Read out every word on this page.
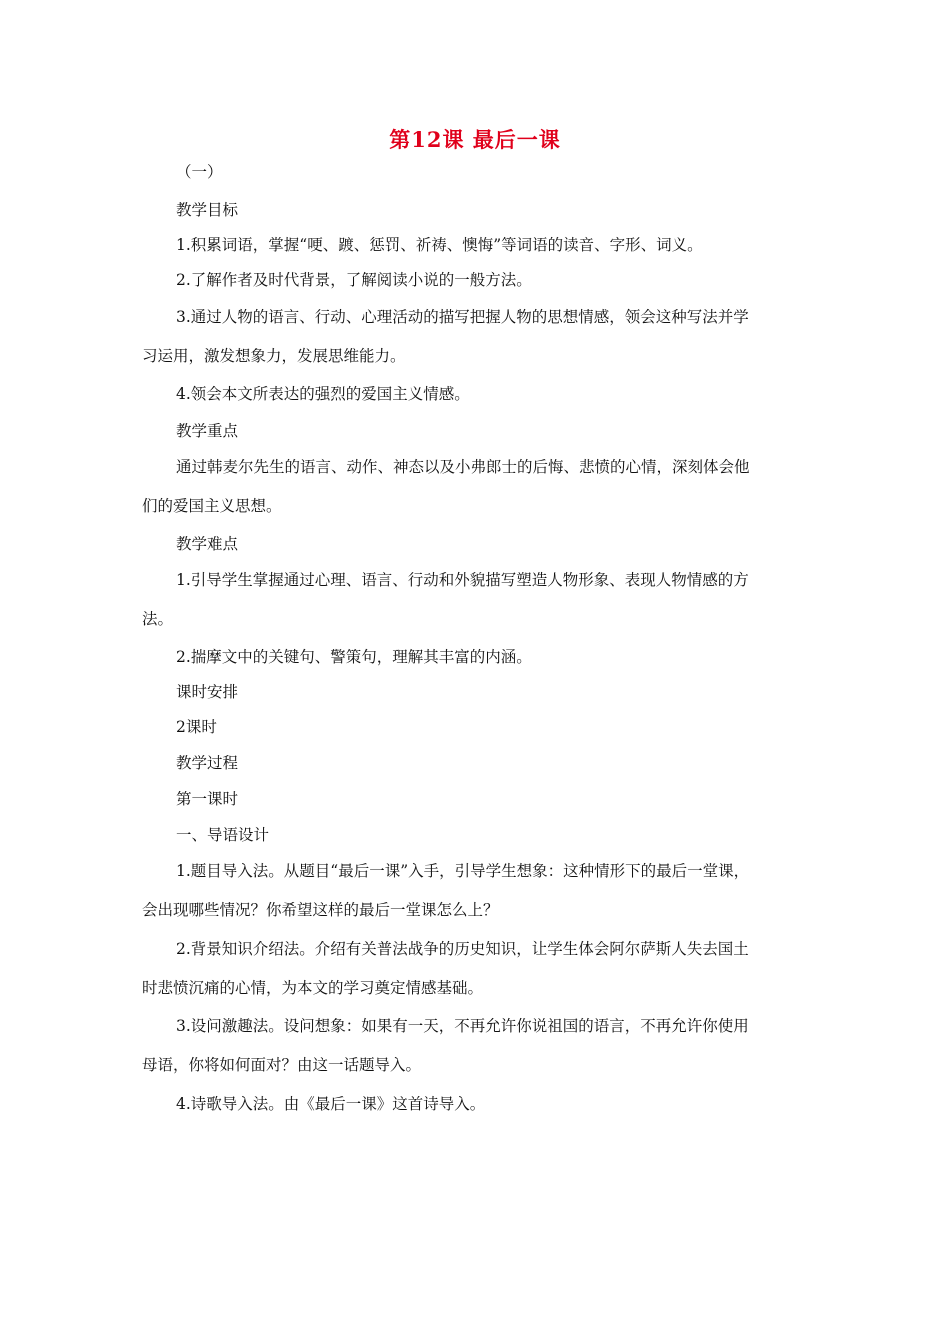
第12课 最后一课
（一）
教学目标
1.积累词语，掌握“哽、踱、惩罚、祈祷、懊悔”等词语的读音、字形、词义。
2.了解作者及时代背景，了解阅读小说的一般方法。
3.通过人物的语言、行动、心理活动的描写把握人物的思想情感，领会这种写法并学
习运用，激发想象力，发展思维能力。
4.领会本文所表达的强烈的爱国主义情感。
教学重点
通过韩麦尔先生的语言、动作、神态以及小弗郎士的后悔、悲愤的心情，深刻体会他
们的爱国主义思想。
教学难点
1.引导学生掌握通过心理、语言、行动和外貌描写塑造人物形象、表现人物情感的方
法。
2.揣摩文中的关键句、警策句，理解其丰富的内涵。
课时安排
2课时
教学过程
第一课时
一、导语设计
1.题目导入法。从题目“最后一课”入手，引导学生想象：这种情形下的最后一堂课，
会出现哪些情况？你希望这样的最后一堂课怎么上？
2.背景知识介绍法。介绍有关普法战争的历史知识，让学生体会阿尔萨斯人失去国土
时悲愤沉痛的心情，为本文的学习奠定情感基础。
3.设问激趣法。设问想象：如果有一天，不再允许你说祖国的语言，不再允许你使用
母语，你将如何面对？由这一话题导入。
4.诗歌导入法。由《最后一课》这首诗导入。
